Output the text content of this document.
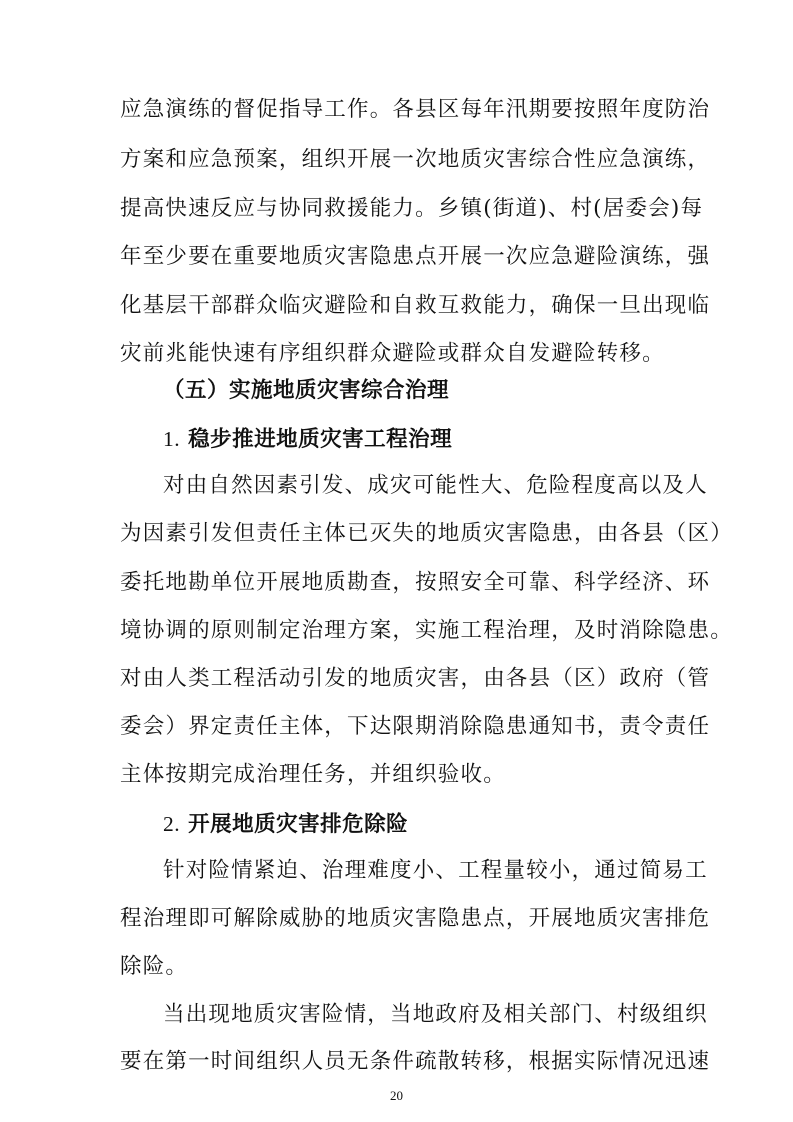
应急演练的督促指导工作。各县区每年汛期要按照年度防治
方案和应急预案，组织开展一次地质灾害综合性应急演练，
提高快速反应与协同救援能力。乡镇(街道)、村(居委会)每
年至少要在重要地质灾害隐患点开展一次应急避险演练，强
化基层干部群众临灾避险和自救互救能力，确保一旦出现临
灾前兆能快速有序组织群众避险或群众自发避险转移。
（五）实施地质灾害综合治理
1. 稳步推进地质灾害工程治理
对由自然因素引发、成灾可能性大、危险程度高以及人
为因素引发但责任主体已灭失的地质灾害隐患，由各县（区）
委托地勘单位开展地质勘查，按照安全可靠、科学经济、环
境协调的原则制定治理方案，实施工程治理，及时消除隐患。
对由人类工程活动引发的地质灾害，由各县（区）政府（管
委会）界定责任主体，下达限期消除隐患通知书，责令责任
主体按期完成治理任务，并组织验收。
2. 开展地质灾害排危除险
针对险情紧迫、治理难度小、工程量较小，通过简易工
程治理即可解除威胁的地质灾害隐患点，开展地质灾害排危
除险。
当出现地质灾害险情，当地政府及相关部门、村级组织
要在第一时间组织人员无条件疏散转移，根据实际情况迅速
20
